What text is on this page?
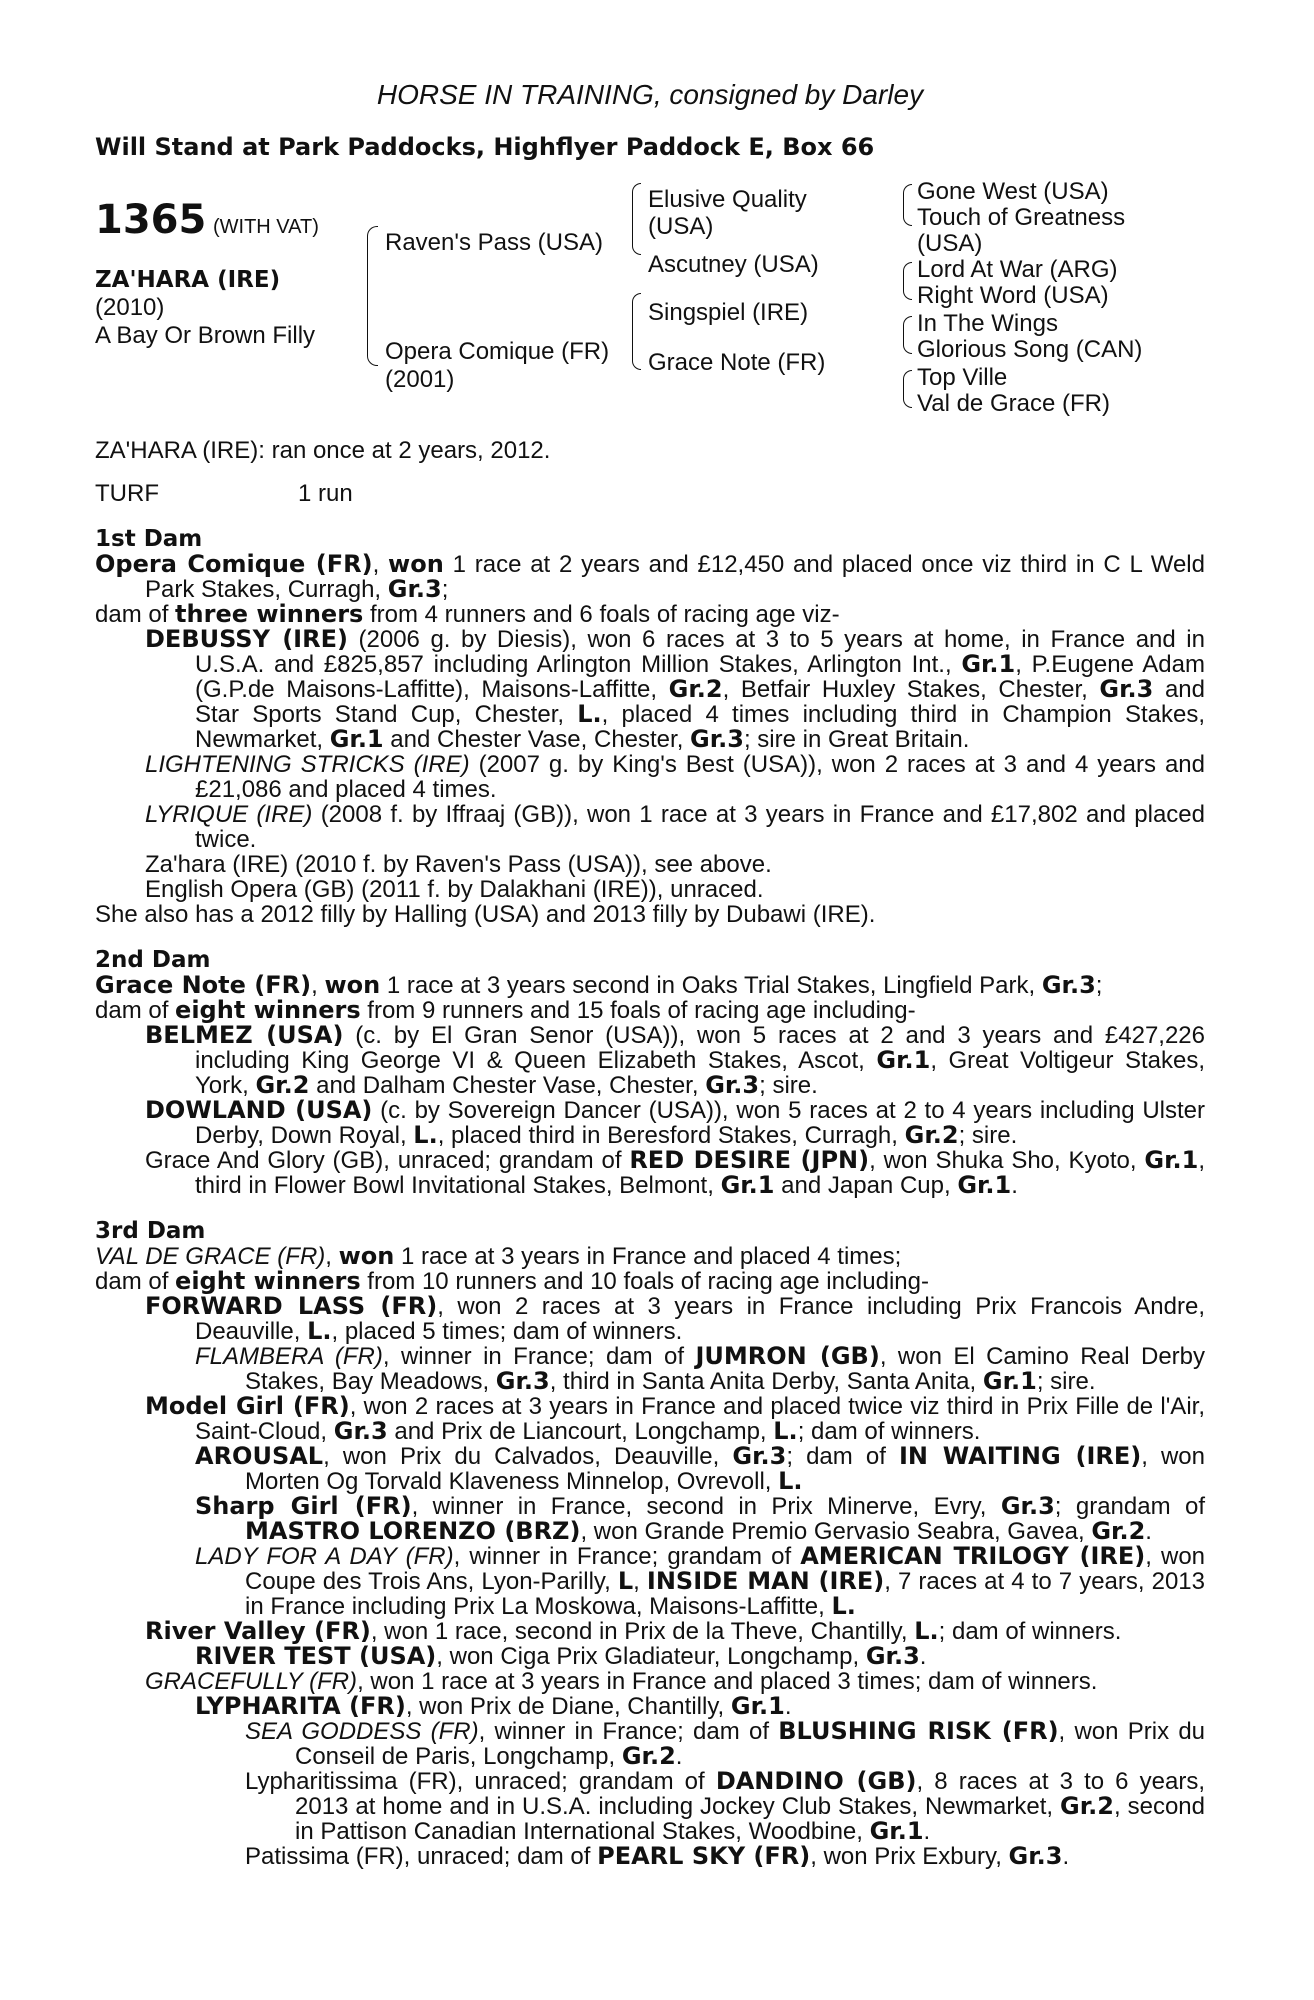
HORSE IN TRAINING, consigned by Darley
Will Stand at Park Paddocks, Highflyer Paddock E, Box 66
1365 (WITH VAT)
ZA'HARA (IRE)
(2010)
A Bay Or Brown Filly
Raven's Pass (USA)
Opera Comique (FR)
(2001)
Elusive Quality
(USA)
Ascutney (USA)
Singspiel (IRE)
Grace Note (FR)
Gone West (USA)
Touch of Greatness
(USA)
Lord At War (ARG)
Right Word (USA)
In The Wings
Glorious Song (CAN)
Top Ville
Val de Grace (FR)
ZA'HARA (IRE): ran once at 2 years, 2012.
TURF	1 run
1st Dam
Opera Comique (FR), won 1 race at 2 years and £12,450 and placed once viz third in C L Weld Park Stakes, Curragh, Gr.3;
dam of three winners from 4 runners and 6 foals of racing age viz-
DEBUSSY (IRE) (2006 g. by Diesis), won 6 races at 3 to 5 years at home, in France and in U.S.A. and £825,857 including Arlington Million Stakes, Arlington Int., Gr.1, P.Eugene Adam (G.P.de Maisons-Laffitte), Maisons-Laffitte, Gr.2, Betfair Huxley Stakes, Chester, Gr.3 and Star Sports Stand Cup, Chester, L., placed 4 times including third in Champion Stakes, Newmarket, Gr.1 and Chester Vase, Chester, Gr.3; sire in Great Britain.
LIGHTENING STRICKS (IRE) (2007 g. by King's Best (USA)), won 2 races at 3 and 4 years and £21,086 and placed 4 times.
LYRIQUE (IRE) (2008 f. by Iffraaj (GB)), won 1 race at 3 years in France and £17,802 and placed twice.
Za'hara (IRE) (2010 f. by Raven's Pass (USA)), see above.
English Opera (GB) (2011 f. by Dalakhani (IRE)), unraced.
She also has a 2012 filly by Halling (USA) and 2013 filly by Dubawi (IRE).
2nd Dam
Grace Note (FR), won 1 race at 3 years second in Oaks Trial Stakes, Lingfield Park, Gr.3;
dam of eight winners from 9 runners and 15 foals of racing age including-
BELMEZ (USA) (c. by El Gran Senor (USA)), won 5 races at 2 and 3 years and £427,226 including King George VI & Queen Elizabeth Stakes, Ascot, Gr.1, Great Voltigeur Stakes, York, Gr.2 and Dalham Chester Vase, Chester, Gr.3; sire.
DOWLAND (USA) (c. by Sovereign Dancer (USA)), won 5 races at 2 to 4 years including Ulster Derby, Down Royal, L., placed third in Beresford Stakes, Curragh, Gr.2; sire.
Grace And Glory (GB), unraced; grandam of RED DESIRE (JPN), won Shuka Sho, Kyoto, Gr.1, third in Flower Bowl Invitational Stakes, Belmont, Gr.1 and Japan Cup, Gr.1.
3rd Dam
VAL DE GRACE (FR), won 1 race at 3 years in France and placed 4 times;
dam of eight winners from 10 runners and 10 foals of racing age including-
FORWARD LASS (FR), won 2 races at 3 years in France including Prix Francois Andre, Deauville, L., placed 5 times; dam of winners.
FLAMBERA (FR), winner in France; dam of JUMRON (GB), won El Camino Real Derby Stakes, Bay Meadows, Gr.3, third in Santa Anita Derby, Santa Anita, Gr.1; sire.
Model Girl (FR), won 2 races at 3 years in France and placed twice viz third in Prix Fille de l'Air, Saint-Cloud, Gr.3 and Prix de Liancourt, Longchamp, L.; dam of winners.
AROUSAL, won Prix du Calvados, Deauville, Gr.3; dam of IN WAITING (IRE), won Morten Og Torvald Klaveness Minnelop, Ovrevoll, L.
Sharp Girl (FR), winner in France, second in Prix Minerve, Evry, Gr.3; grandam of MASTRO LORENZO (BRZ), won Grande Premio Gervasio Seabra, Gavea, Gr.2.
LADY FOR A DAY (FR), winner in France; grandam of AMERICAN TRILOGY (IRE), won Coupe des Trois Ans, Lyon-Parilly, L, INSIDE MAN (IRE), 7 races at 4 to 7 years, 2013 in France including Prix La Moskowa, Maisons-Laffitte, L.
River Valley (FR), won 1 race, second in Prix de la Theve, Chantilly, L.; dam of winners.
RIVER TEST (USA), won Ciga Prix Gladiateur, Longchamp, Gr.3.
GRACEFULLY (FR), won 1 race at 3 years in France and placed 3 times; dam of winners.
LYPHARITA (FR), won Prix de Diane, Chantilly, Gr.1.
SEA GODDESS (FR), winner in France; dam of BLUSHING RISK (FR), won Prix du Conseil de Paris, Longchamp, Gr.2.
Lypharitissima (FR), unraced; grandam of DANDINO (GB), 8 races at 3 to 6 years, 2013 at home and in U.S.A. including Jockey Club Stakes, Newmarket, Gr.2, second in Pattison Canadian International Stakes, Woodbine, Gr.1.
Patissima (FR), unraced; dam of PEARL SKY (FR), won Prix Exbury, Gr.3.
